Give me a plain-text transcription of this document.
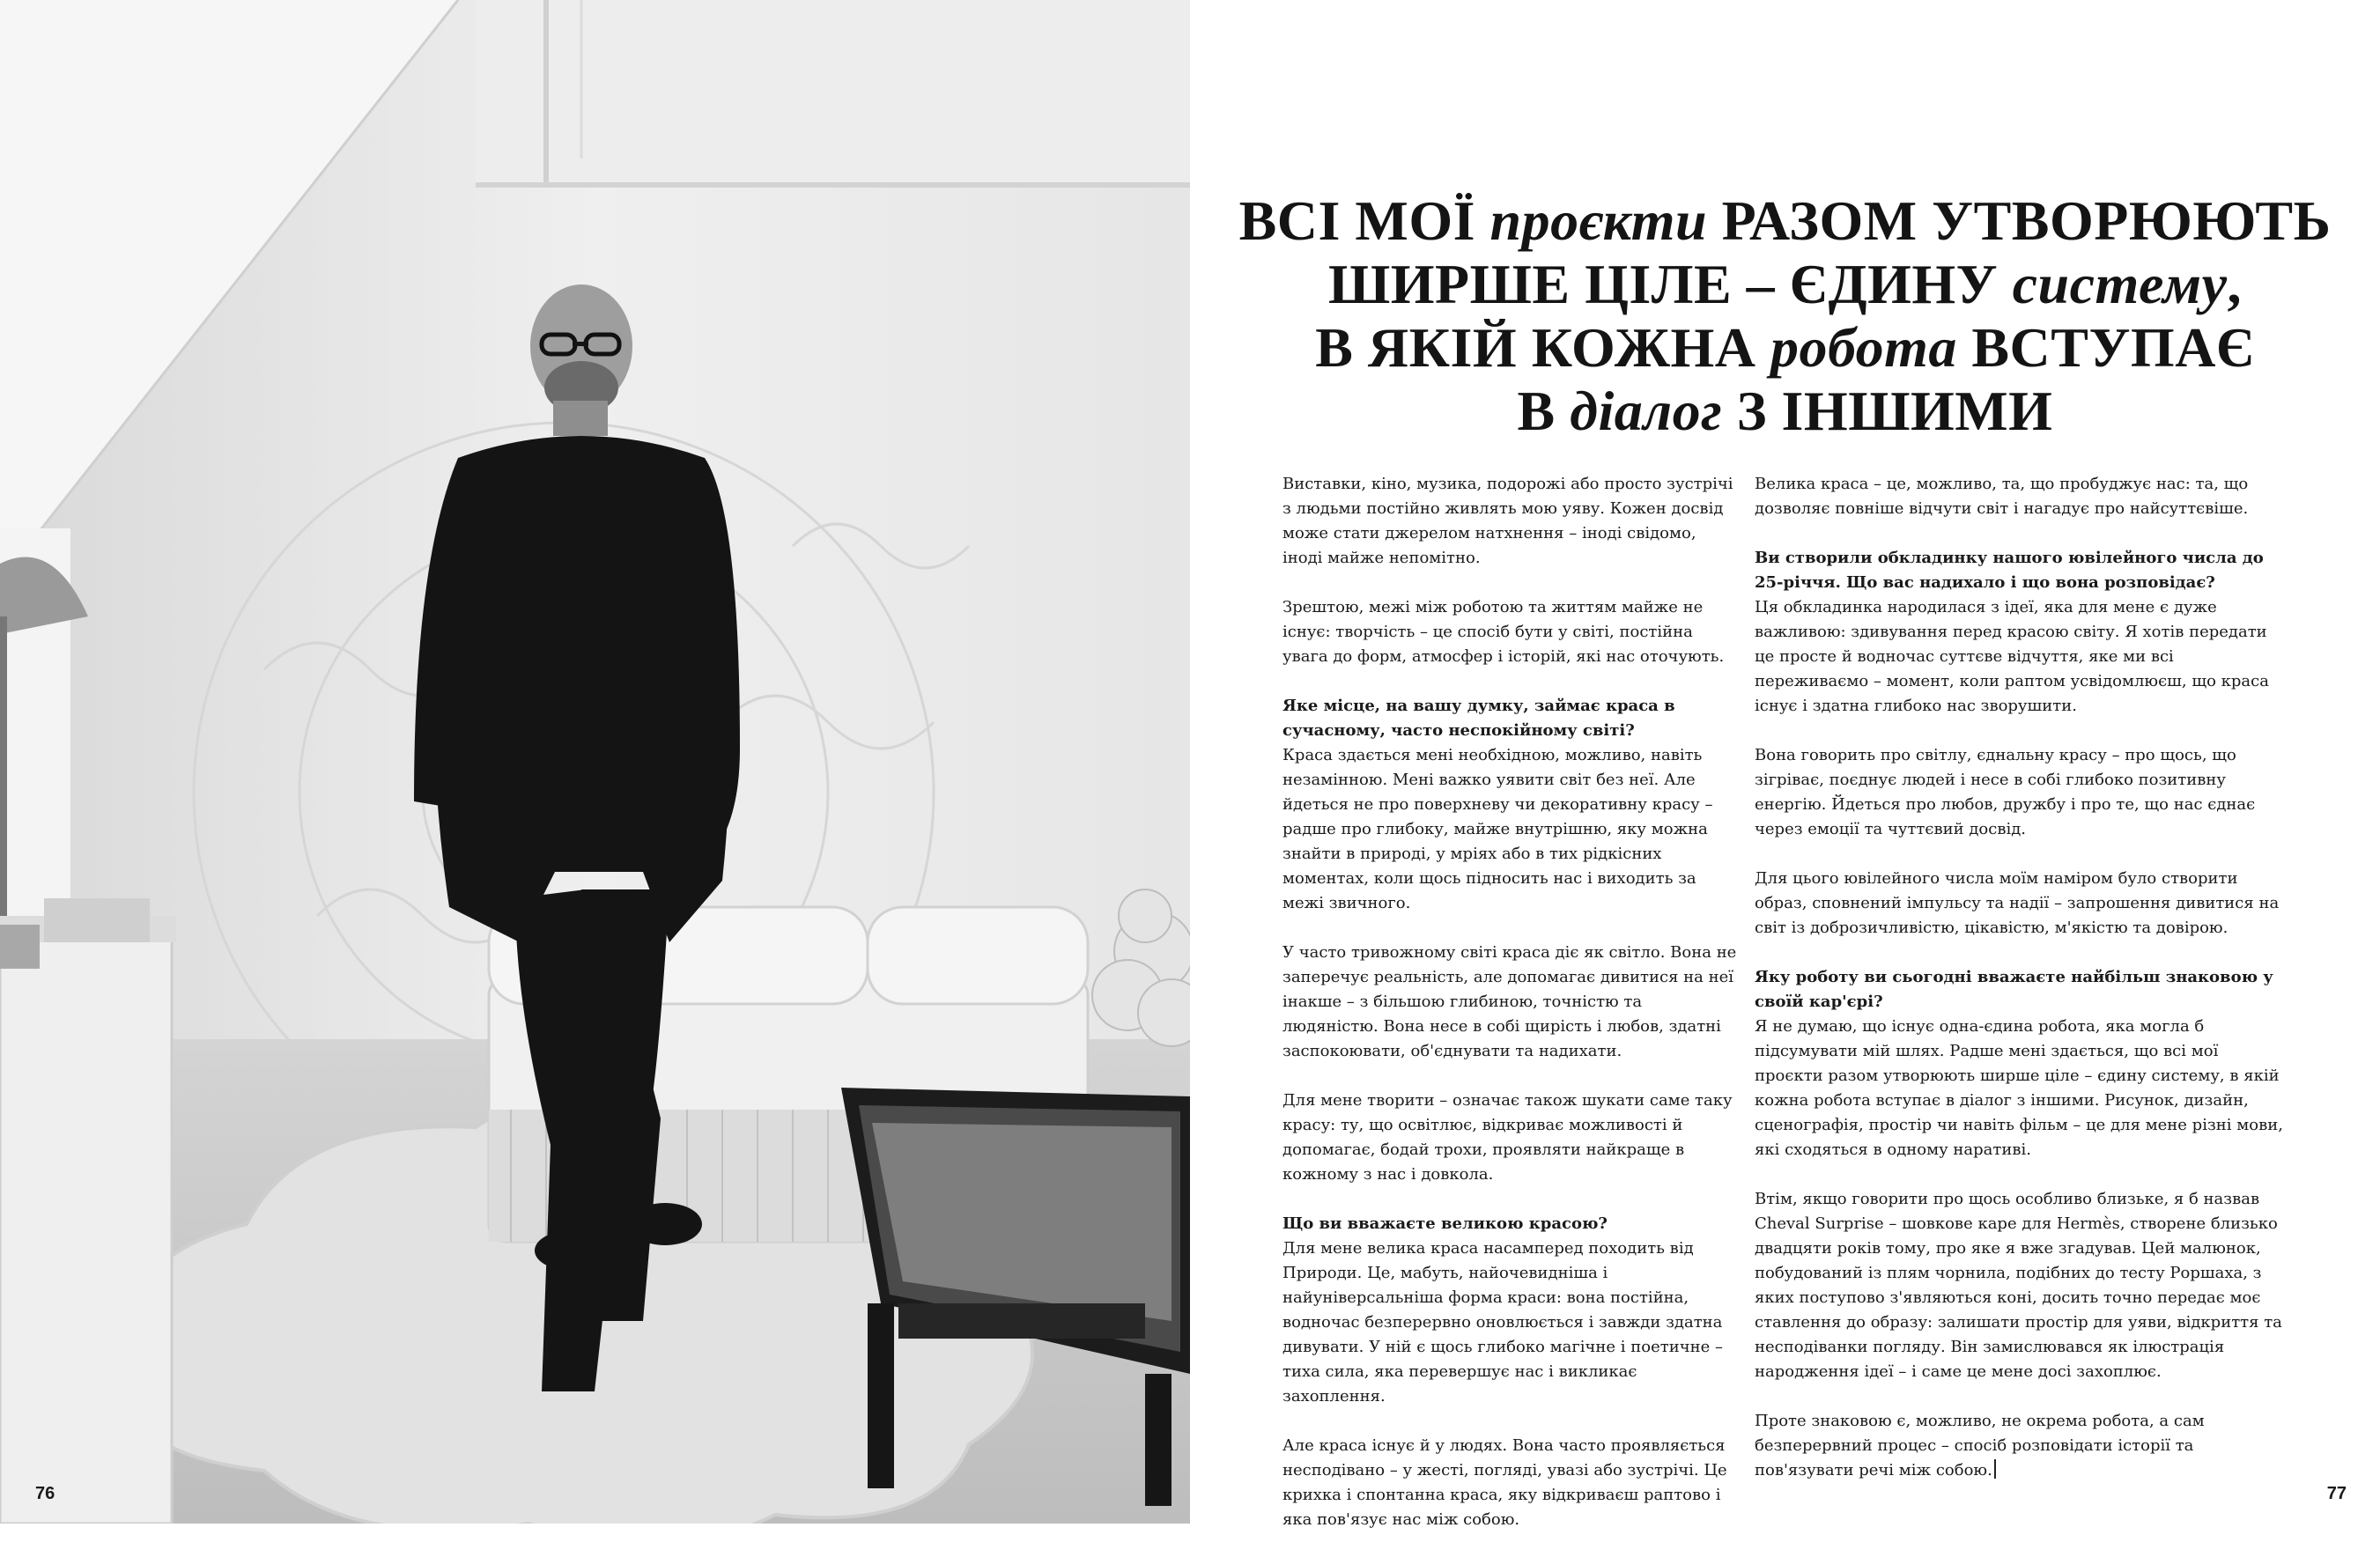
76
ВСІ МОЇ проєкти РАЗОМ УТВОРЮЮТЬ
ШИРШЕ ЦІЛЕ – ЄДИНУ систему,
В ЯКІЙ КОЖНА робота ВСТУПАЄ
В діалог З ІНШИМИ

Виставки, кіно, музика, подорожі або просто зустрічі з людьми постійно живлять мою уяву. Кожен досвід може стати джерелом натхнення – іноді свідомо, іноді майже непомітно.

Зрештою, межі між роботою та життям майже не існує: творчість – це спосіб бути у світі, постійна увага до форм, атмосфер і історій, які нас оточують.

Яке місце, на вашу думку, займає краса в сучасному, часто неспокійному світі?
Краса здається мені необхідною, можливо, навіть незамінною. Мені важко уявити світ без неї. Але йдеться не про поверхневу чи декоративну красу – радше про глибоку, майже внутрішню, яку можна знайти в природі, у мріях або в тих рідкісних моментах, коли щось підносить нас і виходить за межі звичного.

У часто тривожному світі краса діє як світло. Вона не заперечує реальність, але допомагає дивитися на неї інакше – з більшою глибиною, точністю та людяністю. Вона несе в собі щирість і любов, здатні заспокоювати, об'єднувати та надихати.

Для мене творити – означає також шукати саме таку красу: ту, що освітлює, відкриває можливості й допомагає, бодай трохи, проявляти найкраще в кожному з нас і довкола.

Що ви вважаєте великою красою?
Для мене велика краса насамперед походить від Природи. Це, мабуть, найочевидніша і найуніверсальніша форма краси: вона постійна, водночас безперервно оновлюється і завжди здатна дивувати. У ній є щось глибоко магічне і поетичне – тиха сила, яка перевершує нас і викликає захоплення.

Але краса існує й у людях. Вона часто проявляється несподівано – у жесті, погляді, увазі або зустрічі. Це крихка і спонтанна краса, яку відкриваєш раптово і яка пов'язує нас між собою.

Велика краса – це, можливо, та, що пробуджує нас: та, що дозволяє повніше відчути світ і нагадує про найсуттєвіше.

Ви створили обкладинку нашого ювілейного числа до 25-річчя. Що вас надихало і що вона розповідає?
Ця обкладинка народилася з ідеї, яка для мене є дуже важливою: здивування перед красою світу. Я хотів передати це просте й водночас суттєве відчуття, яке ми всі переживаємо – момент, коли раптом усвідомлюєш, що краса існує і здатна глибоко нас зворушити.

Вона говорить про світлу, єднальну красу – про щось, що зігріває, поєднує людей і несе в собі глибоко позитивну енергію. Йдеться про любов, дружбу і про те, що нас єднає через емоції та чуттєвий досвід.

Для цього ювілейного числа моїм наміром було створити образ, сповнений імпульсу та надії – запрошення дивитися на світ із доброзичливістю, цікавістю, м'якістю та довірою.

Яку роботу ви сьогодні вважаєте найбільш знаковою у своїй кар'єрі?
Я не думаю, що існує одна-єдина робота, яка могла б підсумувати мій шлях. Радше мені здається, що всі мої проєкти разом утворюють ширше ціле – єдину систему, в якій кожна робота вступає в діалог з іншими. Рисунок, дизайн, сценографія, простір чи навіть фільм – це для мене різні мови, які сходяться в одному наративі.

Втім, якщо говорити про щось особливо близьке, я б назвав Cheval Surprise – шовкове каре для Hermès, створене близько двадцяти років тому, про яке я вже згадував. Цей малюнок, побудований із плям чорнила, подібних до тесту Роршаха, з яких поступово з'являються коні, досить точно передає моє ставлення до образу: залишати простір для уяви, відкриття та несподіванки погляду. Він замислювався як ілюстрація народження ідеї – і саме це мене досі захоплює.

Проте знаковою є, можливо, не окрема робота, а сам безперервний процес – спосіб розповідати історії та пов'язувати речі між собою.

77
